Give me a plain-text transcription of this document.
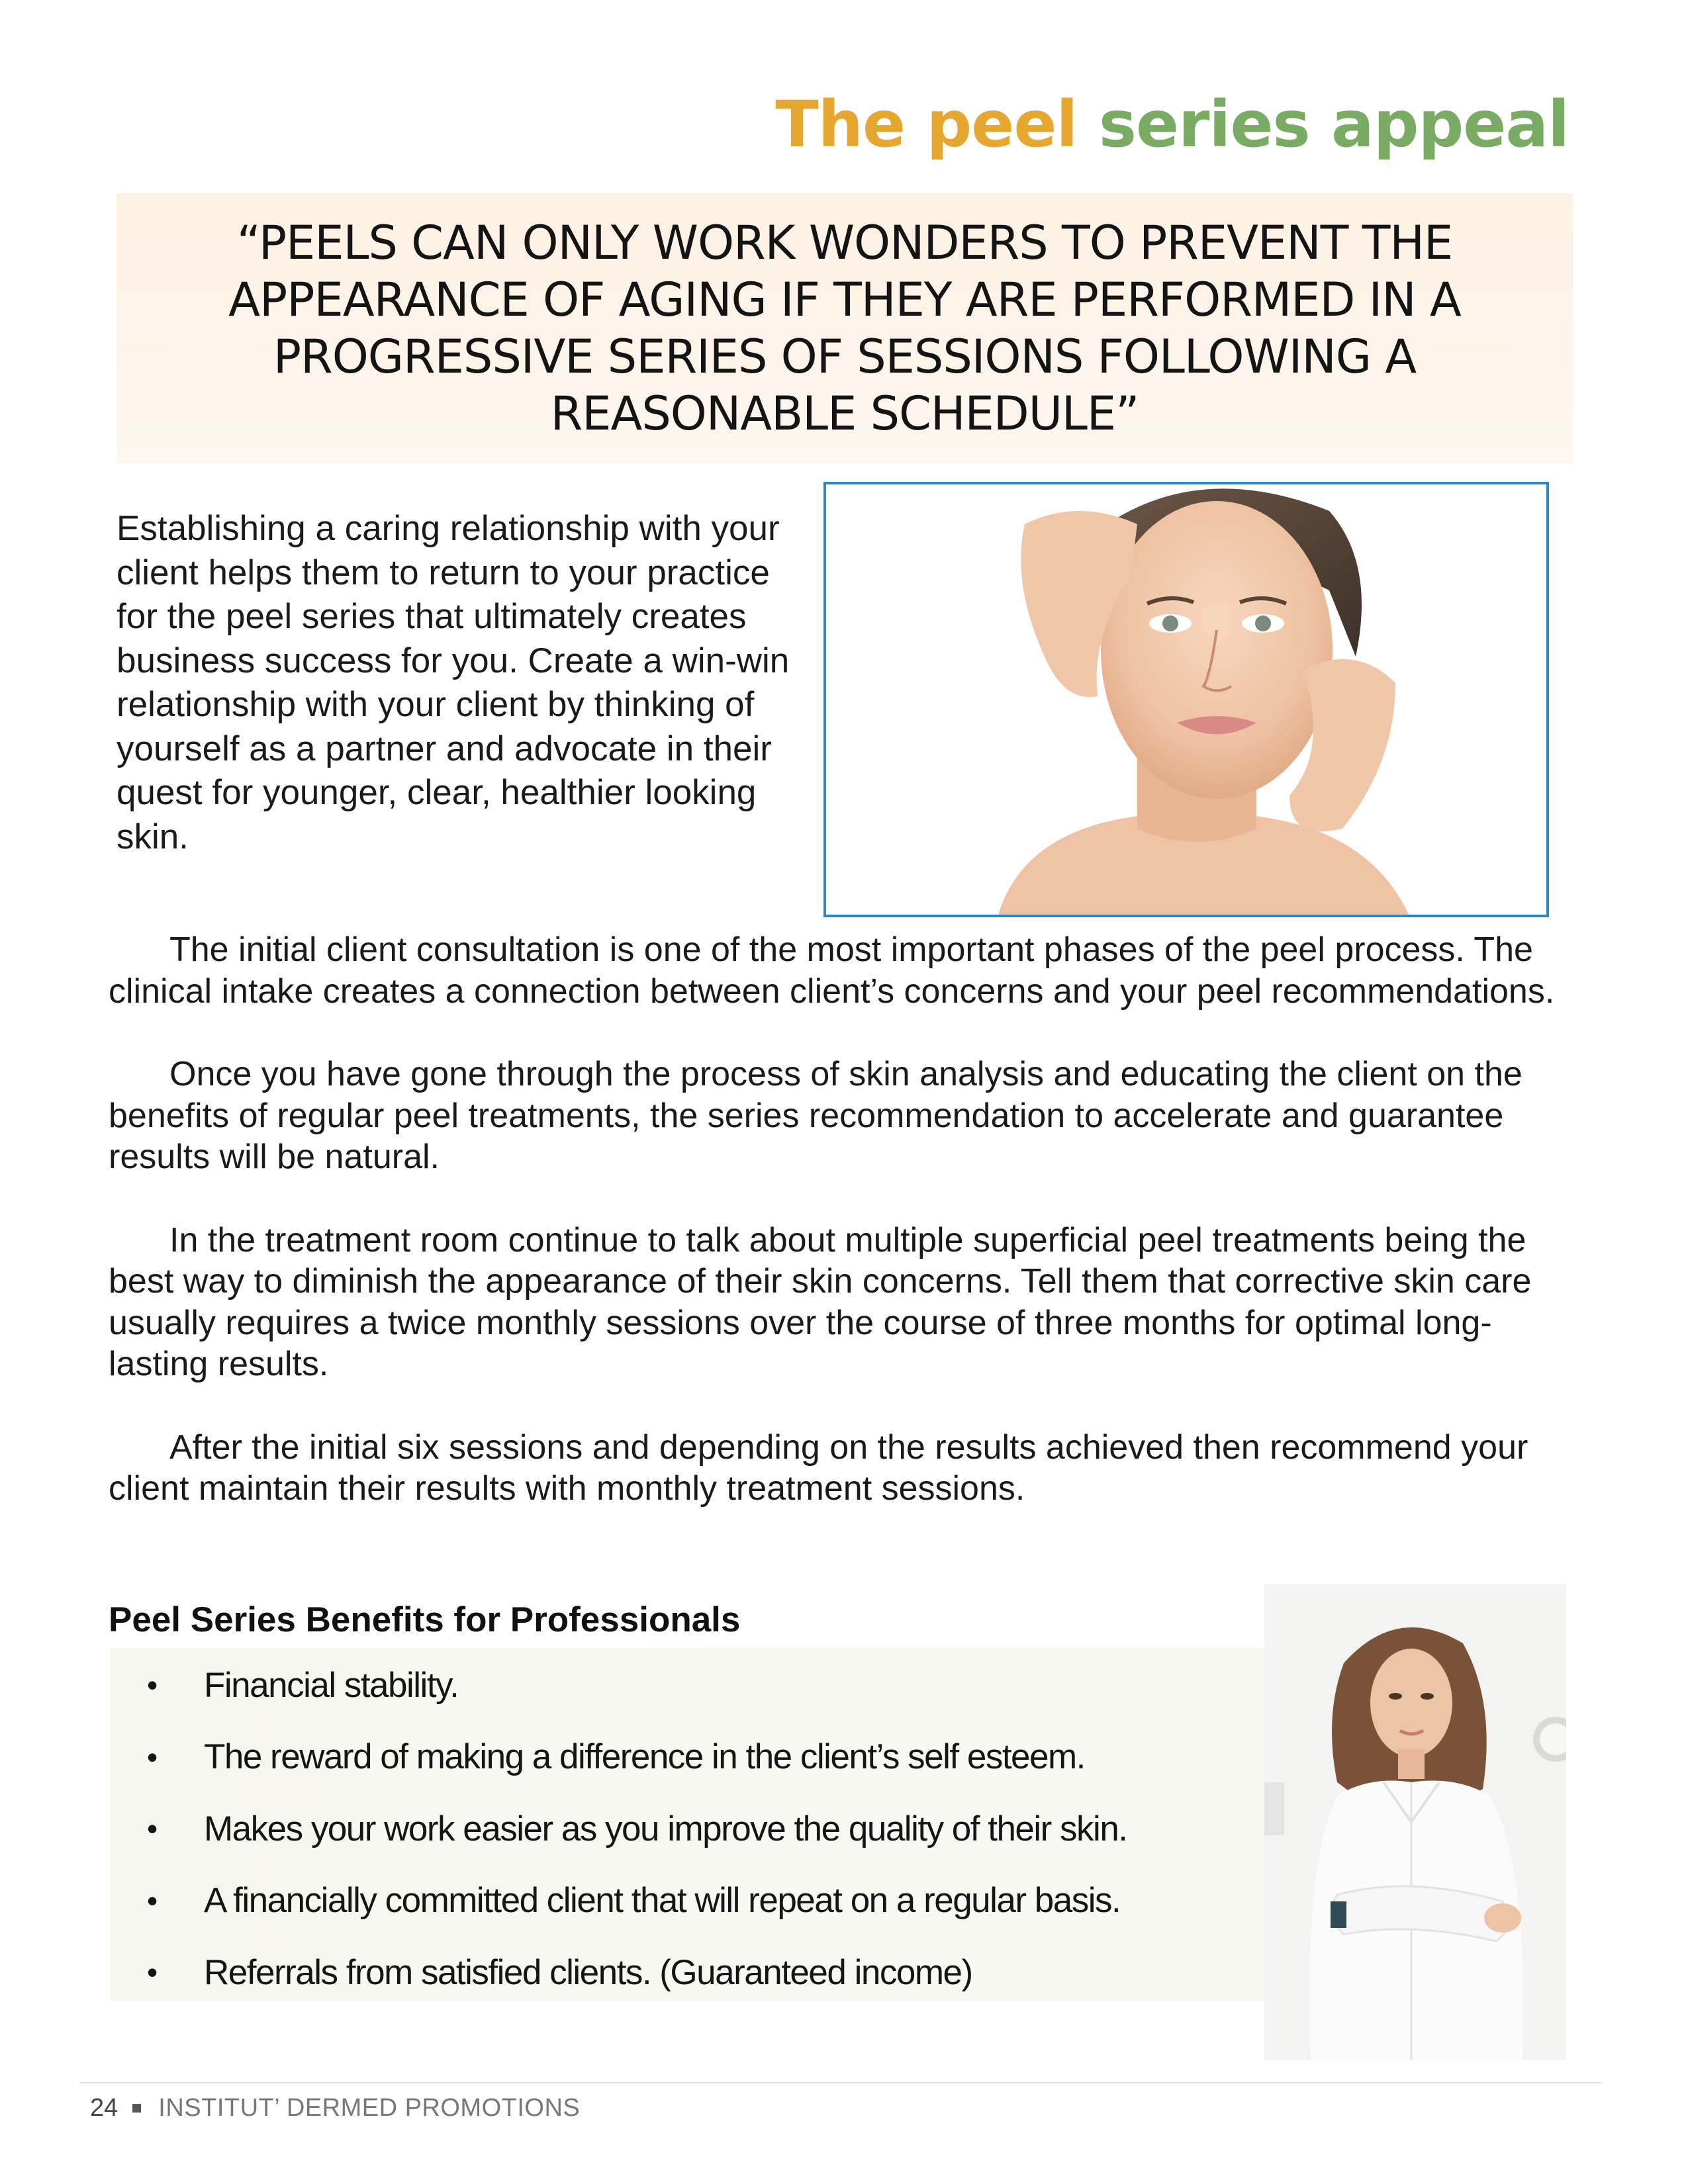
The peel series appeal

“PEELS CAN ONLY WORK WONDERS TO PREVENT THE APPEARANCE OF AGING IF THEY ARE PERFORMED IN A PROGRESSIVE SERIES OF SESSIONS FOLLOWING A REASONABLE SCHEDULE”

Establishing a caring relationship with your client helps them to return to your practice for the peel series that ultimately creates business success for you. Create a win-win relationship with your client by thinking of yourself as a partner and advocate in their quest for younger, clear, healthier looking skin.

The initial client consultation is one of the most important phases of the peel process. The clinical intake creates a connection between client’s concerns and your peel recommendations.

Once you have gone through the process of skin analysis and educating the client on the benefits of regular peel treatments, the series recommendation to accelerate and guarantee results will be natural.

In the treatment room continue to talk about multiple superficial peel treatments being the best way to diminish the appearance of their skin concerns. Tell them that corrective skin care usually requires a twice monthly sessions over the course of three months for optimal long-lasting results.

After the initial six sessions and depending on the results achieved then recommend your client maintain their results with monthly treatment sessions.

Peel Series Benefits for Professionals
•	Financial stability.
•	The reward of making a difference in the client’s self esteem.
•	Makes your work easier as you improve the quality of their skin.
•	A financially committed client that will repeat on a regular basis.
•	Referrals from satisfied clients. (Guaranteed income)
24 INSTITUT’ DERMED PROMOTIONS
